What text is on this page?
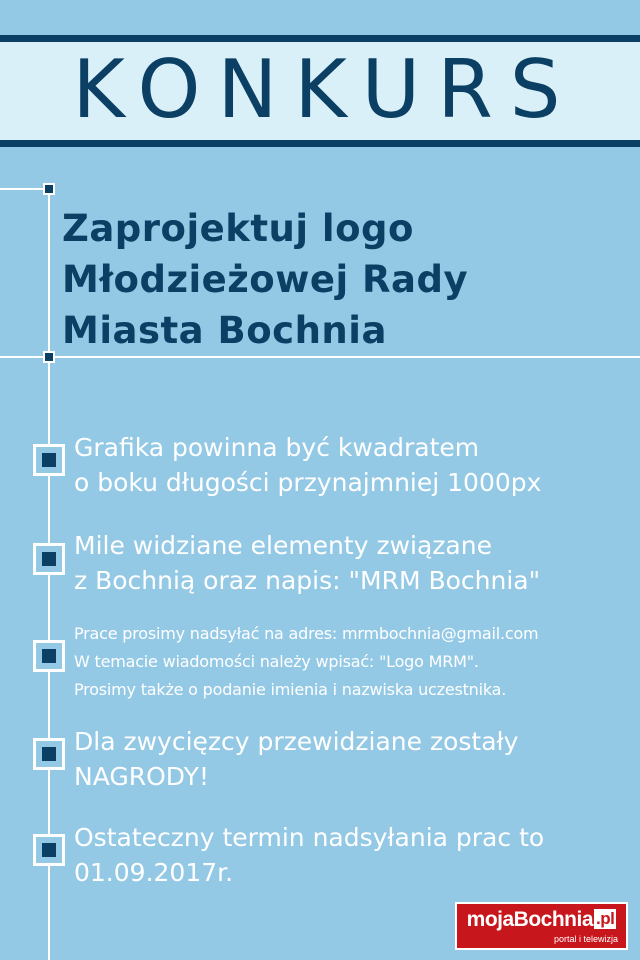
KONKURS
Zaprojektuj logo
Młodzieżowej Rady
Miasta Bochnia
Grafika powinna być kwadratem
o boku długości przynajmniej 1000px
Mile widziane elementy związane
z Bochnią oraz napis: "MRM Bochnia"
Prace prosimy nadsyłać na adres: mrmbochnia@gmail.com
W temacie wiadomości należy wpisać: "Logo MRM".
Prosimy także o podanie imienia i nazwiska uczestnika.
Dla zwycięzcy przewidziane zostały
NAGRODY!
Ostateczny termin nadsyłania prac to
01.09.2017r.
mojaBochnia .pl
portal i telewizja
